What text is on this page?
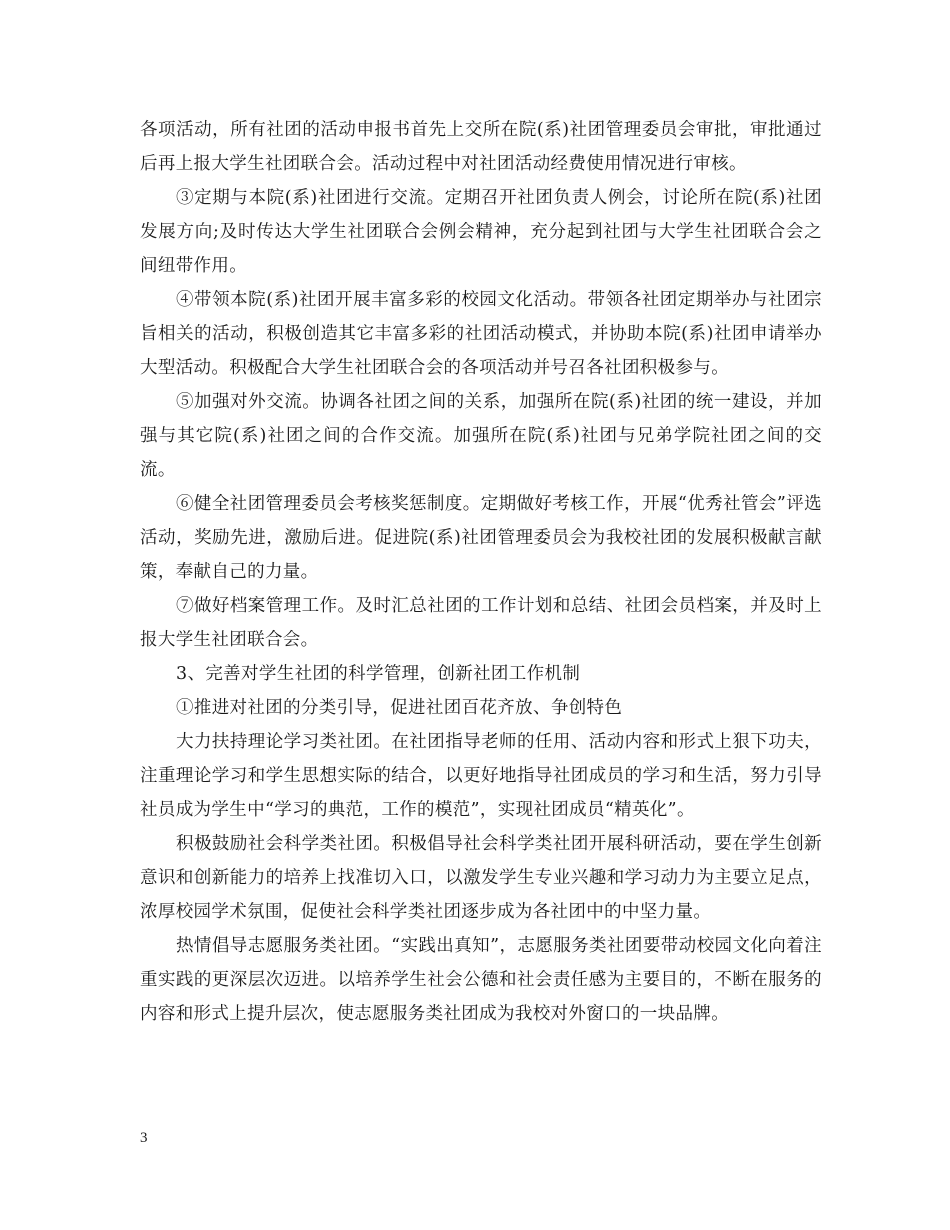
各项活动，所有社团的活动申报书首先上交所在院(系)社团管理委员会审批，审批通过后再上报大学生社团联合会。活动过程中对社团活动经费使用情况进行审核。

③定期与本院(系)社团进行交流。定期召开社团负责人例会，讨论所在院(系)社团发展方向;及时传达大学生社团联合会例会精神，充分起到社团与大学生社团联合会之间纽带作用。

④带领本院(系)社团开展丰富多彩的校园文化活动。带领各社团定期举办与社团宗旨相关的活动，积极创造其它丰富多彩的社团活动模式，并协助本院(系)社团申请举办大型活动。积极配合大学生社团联合会的各项活动并号召各社团积极参与。

⑤加强对外交流。协调各社团之间的关系，加强所在院(系)社团的统一建设，并加强与其它院(系)社团之间的合作交流。加强所在院(系)社团与兄弟学院社团之间的交流。

⑥健全社团管理委员会考核奖惩制度。定期做好考核工作，开展“优秀社管会”评选活动，奖励先进，激励后进。促进院(系)社团管理委员会为我校社团的发展积极献言献策，奉献自己的力量。

⑦做好档案管理工作。及时汇总社团的工作计划和总结、社团会员档案，并及时上报大学生社团联合会。

3、完善对学生社团的科学管理，创新社团工作机制

①推进对社团的分类引导，促进社团百花齐放、争创特色

大力扶持理论学习类社团。在社团指导老师的任用、活动内容和形式上狠下功夫，注重理论学习和学生思想实际的结合，以更好地指导社团成员的学习和生活，努力引导社员成为学生中“学习的典范，工作的模范”，实现社团成员“精英化”。

积极鼓励社会科学类社团。积极倡导社会科学类社团开展科研活动，要在学生创新意识和创新能力的培养上找准切入口，以激发学生专业兴趣和学习动力为主要立足点，浓厚校园学术氛围，促使社会科学类社团逐步成为各社团中的中坚力量。

热情倡导志愿服务类社团。“实践出真知”，志愿服务类社团要带动校园文化向着注重实践的更深层次迈进。以培养学生社会公德和社会责任感为主要目的，不断在服务的内容和形式上提升层次，使志愿服务类社团成为我校对外窗口的一块品牌。

3
